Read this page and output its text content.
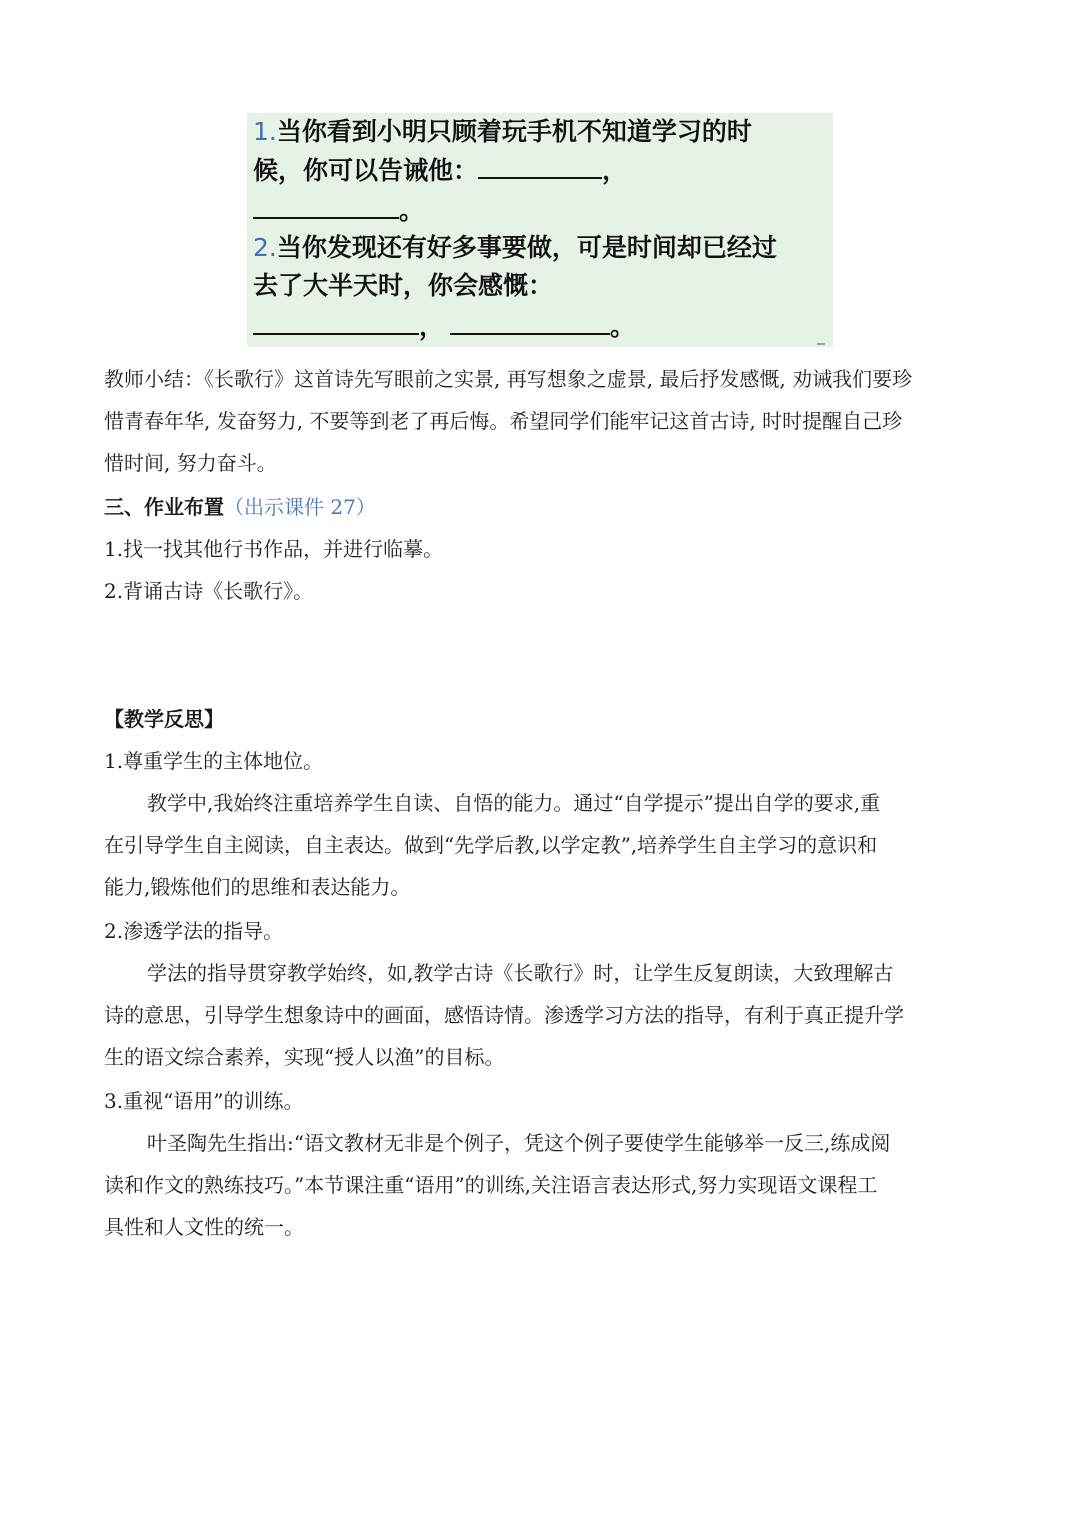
1.当你看到小明只顾着玩手机不知道学习的时
候，你可以告诫他：	，
。
2.当你发现还有好多事要做，可是时间却已经过
去了大半天时，你会感慨：
，	。
教师小结：《长歌行》这首诗先写眼前之实景, 再写想象之虚景, 最后抒发感慨, 劝诫我们要珍
惜青春年华, 发奋努力, 不要等到老了再后悔。希望同学们能牢记这首古诗, 时时提醒自己珍
惜时间, 努力奋斗。
三、作业布置（出示课件 27）
1.找一找其他行书作品，并进行临摹。
2.背诵古诗《长歌行》。
【教学反思】
1.尊重学生的主体地位。
教学中,我始终注重培养学生自读、自悟的能力。通过“自学提示”提出自学的要求,重
在引导学生自主阅读，自主表达。做到“先学后教,以学定教”,培养学生自主学习的意识和
能力,锻炼他们的思维和表达能力。
2.渗透学法的指导。
学法的指导贯穿教学始终，如,教学古诗《长歌行》时，让学生反复朗读，大致理解古
诗的意思，引导学生想象诗中的画面，感悟诗情。渗透学习方法的指导，有利于真正提升学
生的语文综合素养，实现“授人以渔”的目标。
3.重视“语用”的训练。
叶圣陶先生指出:“语文教材无非是个例子，凭这个例子要使学生能够举一反三,练成阅
读和作文的熟练技巧。”本节课注重“语用”的训练,关注语言表达形式,努力实现语文课程工
具性和人文性的统一。
